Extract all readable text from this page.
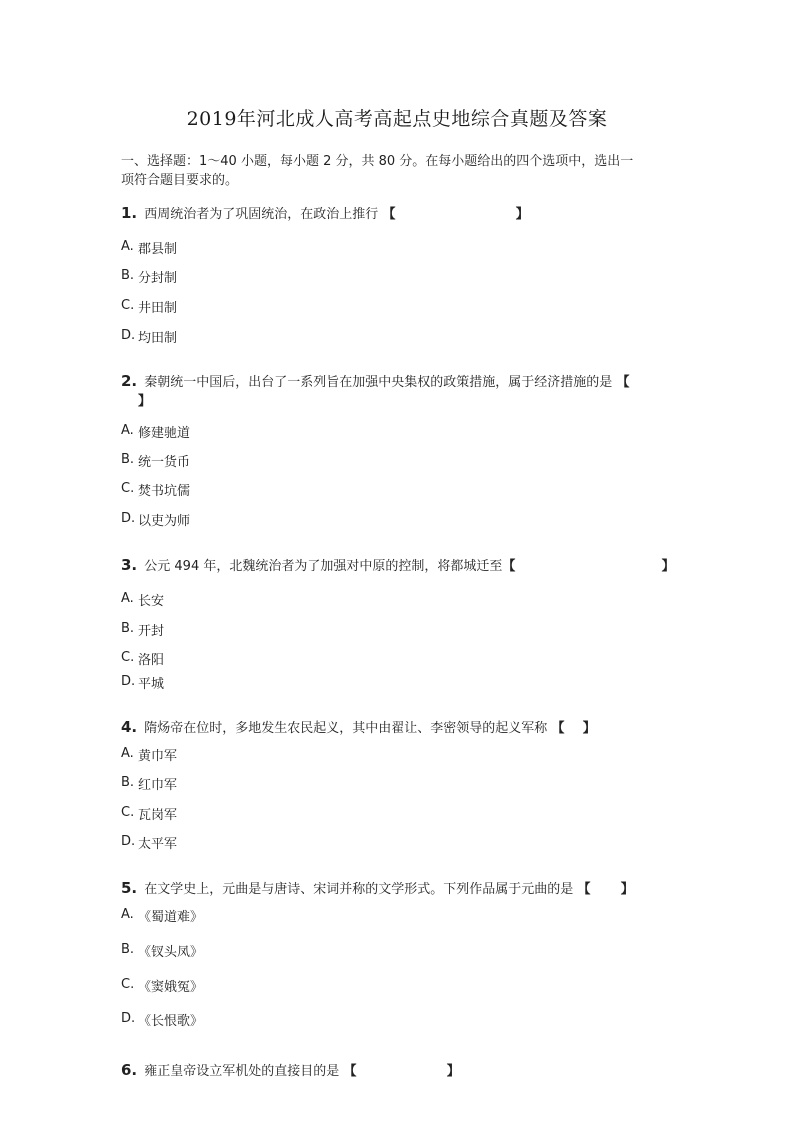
2019年河北成人高考高起点史地综合真题及答案
一、选择题：1～40 小题，每小题 2 分，共 80 分。在每小题给出的四个选项中，选出一
项符合题目要求的。
1. 西周统治者为了巩固统治，在政治上推行 【	】
A. 郡县制
B. 分封制
C. 井田制
D. 均田制
2. 秦朝统一中国后，出台了一系列旨在加强中央集权的政策措施，属于经济措施的是 【
】
A. 修建驰道
B. 统一货币
C. 焚书坑儒
D. 以吏为师
3. 公元 494 年，北魏统治者为了加强对中原的控制，将都城迁至【	】
A. 长安
B. 开封
C. 洛阳
D. 平城
4. 隋炀帝在位时，多地发生农民起义，其中由翟让、李密领导的起义军称 【 】
A. 黄巾军
B. 红巾军
C. 瓦岗军
D. 太平军
5. 在文学史上，元曲是与唐诗、宋词并称的文学形式。下列作品属于元曲的是 【 】
A. 《蜀道难》
B. 《钗头凤》
C. 《窦娥冤》
D. 《长恨歌》
6. 雍正皇帝设立军机处的直接目的是 【	】
